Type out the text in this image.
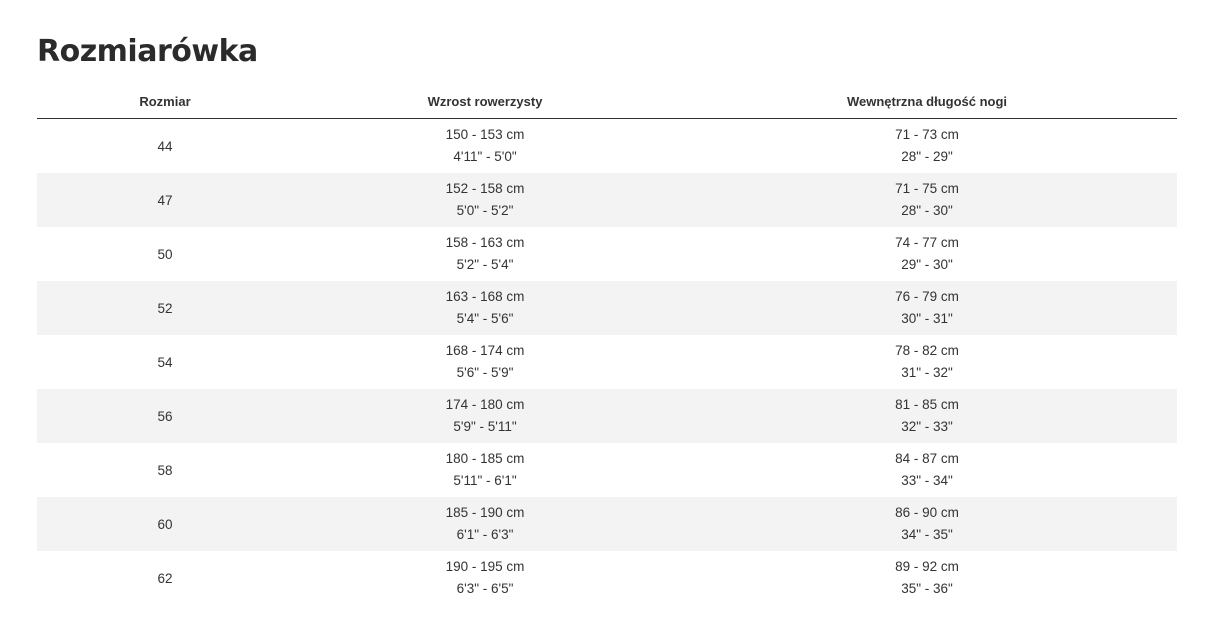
Rozmiarówka
Rozmiar	Wzrost rowerzysty	Wewnętrzna długość nogi
44
150 - 153 cm
4'11" - 5'0"
71 - 73 cm
28" - 29"
47
152 - 158 cm
5'0" - 5'2"
71 - 75 cm
28" - 30"
50
158 - 163 cm
5'2" - 5'4"
74 - 77 cm
29" - 30"
52
163 - 168 cm
5'4" - 5'6"
76 - 79 cm
30" - 31"
54
168 - 174 cm
5'6" - 5'9"
78 - 82 cm
31" - 32"
56
174 - 180 cm
5'9" - 5'11"
81 - 85 cm
32" - 33"
58
180 - 185 cm
5'11" - 6'1"
84 - 87 cm
33" - 34"
60
185 - 190 cm
6'1" - 6'3"
86 - 90 cm
34" - 35"
62
190 - 195 cm
6'3" - 6'5"
89 - 92 cm
35" - 36"
